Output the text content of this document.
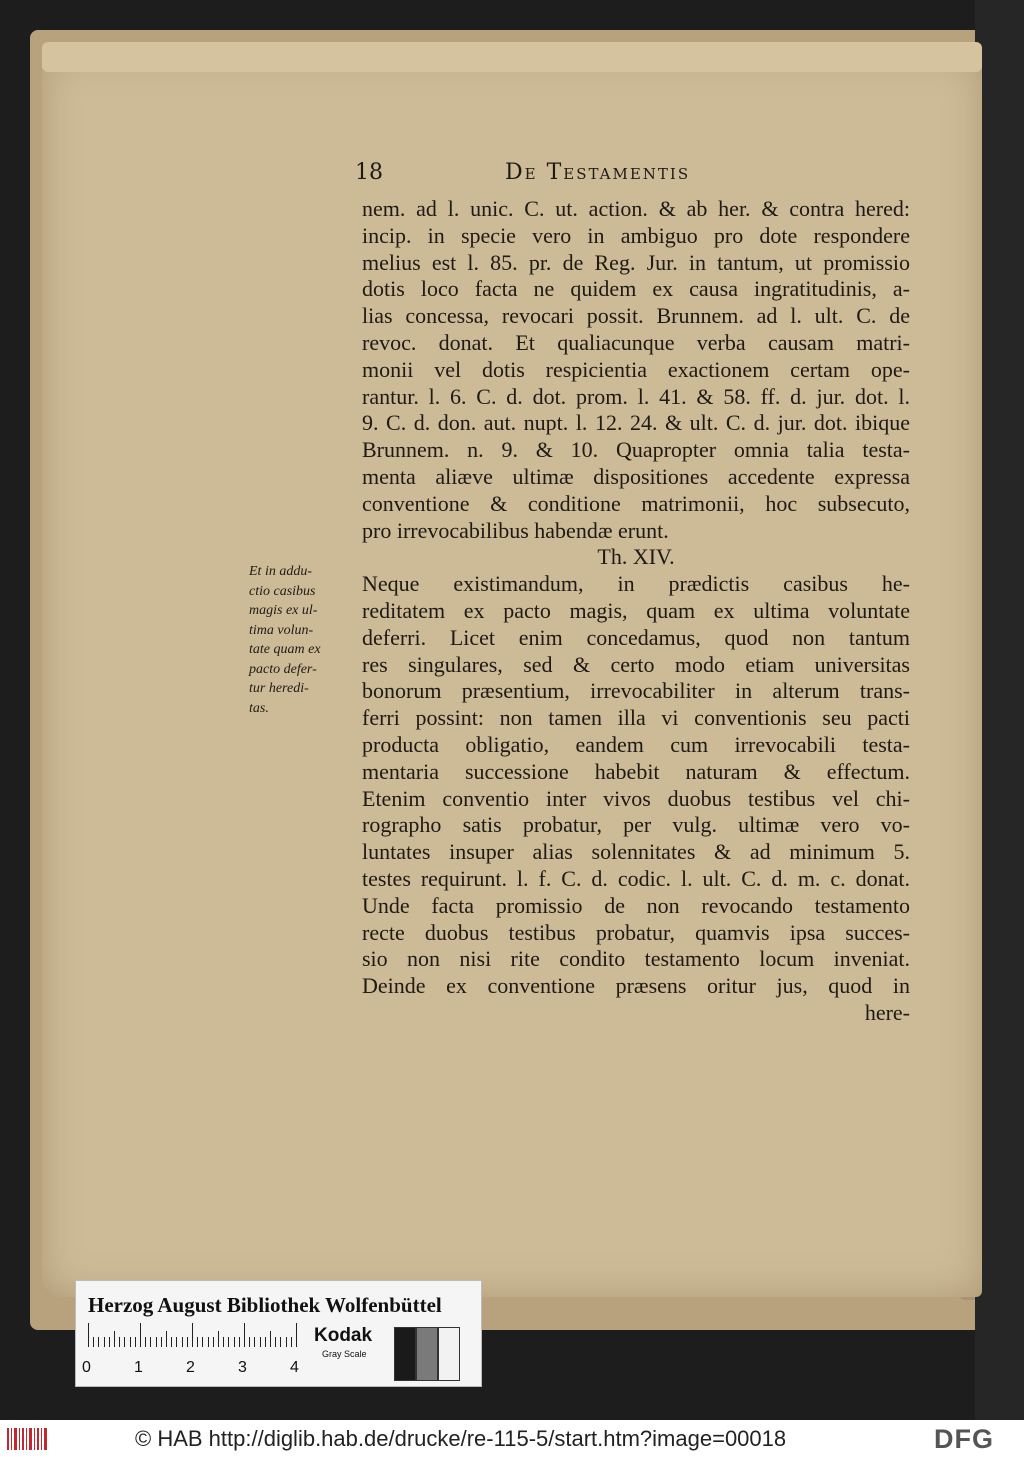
18	De Testamentis
nem. ad l. unic. C. ut. action. & ab her. & contra hered:
incip. in specie vero in ambiguo pro dote respondere
melius est l. 85. pr. de Reg. Jur. in tantum, ut promissio
dotis loco facta ne quidem ex causa ingratitudinis, a-
lias concessa, revocari possit. Brunnem. ad l. ult. C. de
revoc. donat. Et qualiacunque verba causam matri-
monii vel dotis respicientia exactionem certam ope-
rantur. l. 6. C. d. dot. prom. l. 41. & 58. ff. d. jur. dot. l.
9. C. d. don. aut. nupt. l. 12. 24. & ult. C. d. jur. dot. ibique
Brunnem. n. 9. & 10. Quapropter omnia talia testa-
menta aliæve ultimæ dispositiones accedente expressa
conventione & conditione matrimonii, hoc subsecuto,
pro irrevocabilibus habendæ erunt.
Th. XIV.
Neque existimandum, in prædictis casibus he-
reditatem ex pacto magis, quam ex ultima voluntate
deferri. Licet enim concedamus, quod non tantum
res singulares, sed & certo modo etiam universitas
bonorum præsentium, irrevocabiliter in alterum trans-
ferri possint: non tamen illa vi conventionis seu pacti
producta obligatio, eandem cum irrevocabili testa-
mentaria successione habebit naturam & effectum.
Etenim conventio inter vivos duobus testibus vel chi-
rographo satis probatur, per vulg. ultimæ vero vo-
luntates insuper alias solennitates & ad minimum 5.
testes requirunt. l. f. C. d. codic. l. ult. C. d. m. c. donat.
Unde facta promissio de non revocando testamento
recte duobus testibus probatur, quamvis ipsa succes-
sio non nisi rite condito testamento locum inveniat.
Deinde ex conventione præsens oritur jus, quod in
here-
Et in addu-
ctio casibus
magis ex ul-
tima volun-
tate quam ex
pacto defer-
tur heredi-
tas.
Herzog August Bibliothek Wolfenbüttel
0	1	2	3	4
Kodak
Gray Scale
© HAB http://diglib.hab.de/drucke/re-115-5/start.htm?image=00018	DFG
